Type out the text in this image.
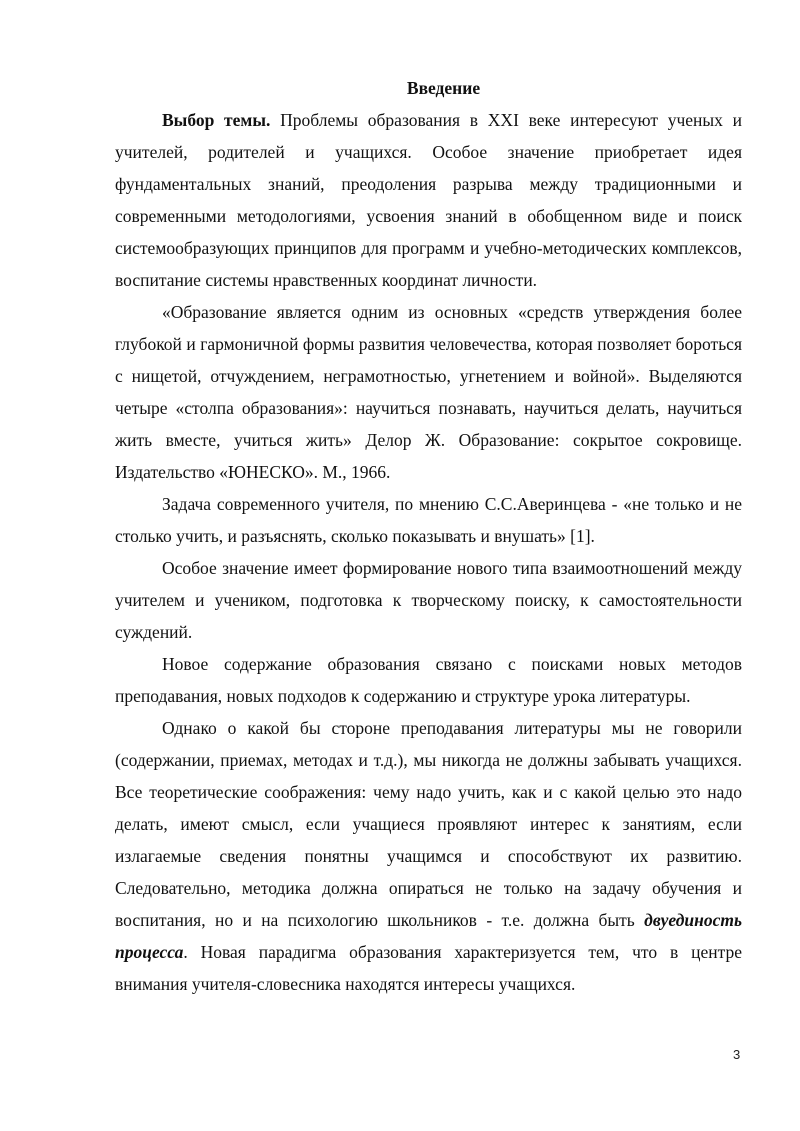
Введение

Выбор темы. Проблемы образования в XXI веке интересуют ученых и учителей, родителей и учащихся. Особое значение приобретает идея фундаментальных знаний, преодоления разрыва между традиционными и современными методологиями, усвоения знаний в обобщенном виде и поиск системообразующих принципов для программ и учебно-методических комплексов, воспитание системы нравственных координат личности.

«Образование является одним из основных «средств утверждения более глубокой и гармоничной формы развития человечества, которая позволяет бороться с нищетой, отчуждением, неграмотностью, угнетением и войной». Выделяются четыре «столпа образования»: научиться познавать, научиться делать, научиться жить вместе, учиться жить» Делор Ж. Образование: сокрытое сокровище. Издательство «ЮНЕСКО». М., 1966.

Задача современного учителя, по мнению С.С.Аверинцева - «не только и не столько учить, и разъяснять, сколько показывать и внушать» [1].

Особое значение имеет формирование нового типа взаимоотношений между учителем и учеником, подготовка к творческому поиску, к самостоятельности суждений.

Новое содержание образования связано с поисками новых методов преподавания, новых подходов к содержанию и структуре урока литературы.

Однако о какой бы стороне преподавания литературы мы не говорили (содержании, приемах, методах и т.д.), мы никогда не должны забывать учащихся. Все теоретические соображения: чему надо учить, как и с какой целью это надо делать, имеют смысл, если учащиеся проявляют интерес к занятиям, если излагаемые сведения понятны учащимся и способствуют их развитию. Следовательно, методика должна опираться не только на задачу обучения и воспитания, но и на психологию школьников - т.е. должна быть двуединость процесса. Новая парадигма образования характеризуется тем, что в центре внимания учителя-словесника находятся интересы учащихся.

3
